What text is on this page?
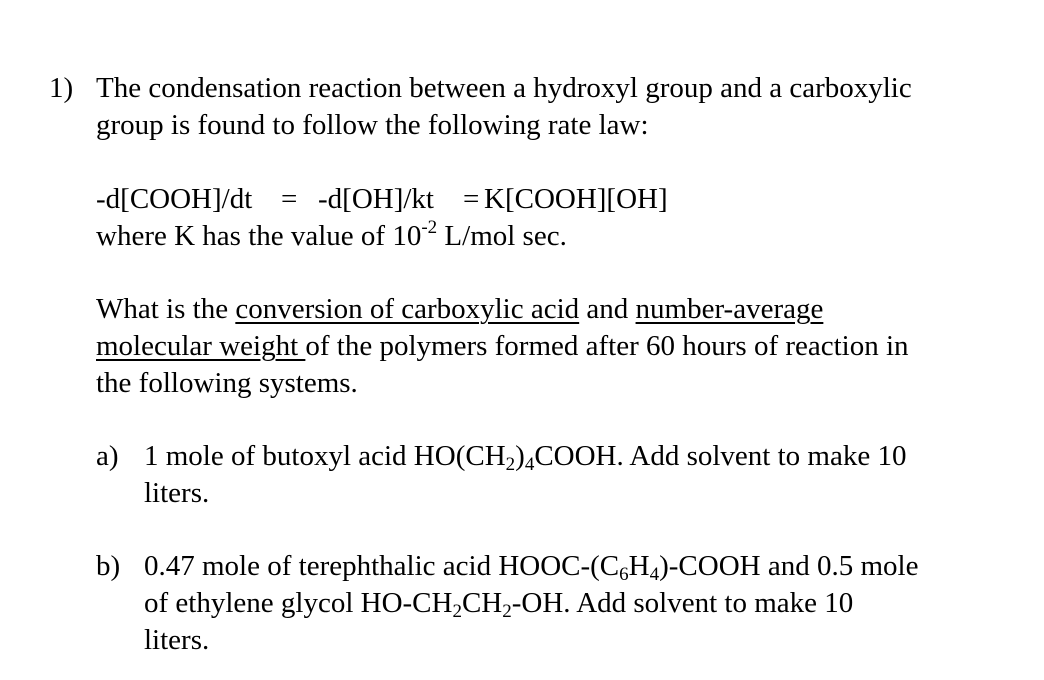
1) The condensation reaction between a hydroxyl group and a carboxylic
group is found to follow the following rate law:
-d[COOH]/dt = -d[OH]/kt = K[COOH][OH]
where K has the value of $10^{-2}$ L/mol sec.
What is the conversion of carboxylic acid and number-average
molecular weight of the polymers formed after 60 hours of reaction in
the following systems.
a) 1 mole of butoxyl acid $HO(CH_2)_4COOH$. Add solvent to make 10
liters.
b) 0.47 mole of terephthalic acid HOOC-$(C_6H_4)$-COOH and 0.5 mole
of ethylene glycol $HO-CH_2CH_2-OH$. Add solvent to make 10
liters.
